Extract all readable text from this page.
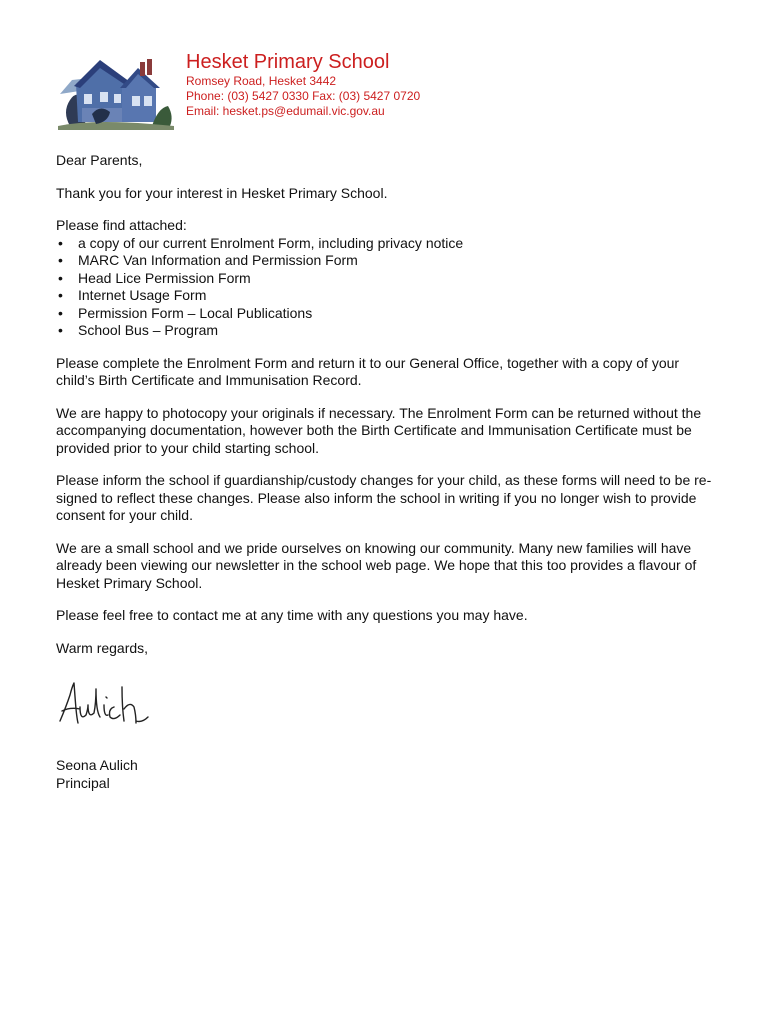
Hesket Primary School

Romsey Road, Hesket 3442

Phone: (03) 5427 0330 Fax: (03) 5427 0720

Email: hesket.ps@edumail.vic.gov.au

Dear Parents,

Thank you for your interest in Hesket Primary School.

Please find attached:

• a copy of our current Enrolment Form, including privacy notice
• MARC Van Information and Permission Form
• Head Lice Permission Form
• Internet Usage Form
• Permission Form – Local Publications
• School Bus – Program

Please complete the Enrolment Form and return it to our General Office, together with a copy of your child’s Birth Certificate and Immunisation Record.

We are happy to photocopy your originals if necessary. The Enrolment Form can be returned without the accompanying documentation, however both the Birth Certificate and Immunisation Certificate must be provided prior to your child starting school.

Please inform the school if guardianship/custody changes for your child, as these forms will need to be re-signed to reflect these changes. Please also inform the school in writing if you no longer wish to provide consent for your child.

We are a small school and we pride ourselves on knowing our community. Many new families will have already been viewing our newsletter in the school web page. We hope that this too provides a flavour of Hesket Primary School.

Please feel free to contact me at any time with any questions you may have.

Warm regards,

Seona Aulich

Principal
